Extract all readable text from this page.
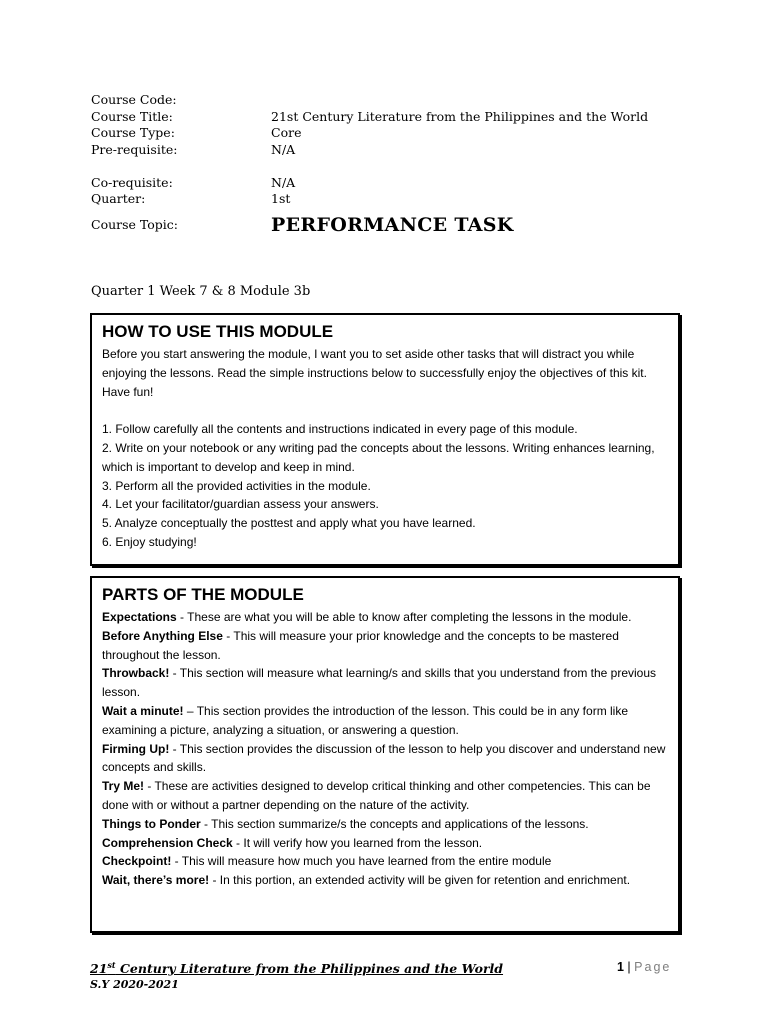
Course Code:
Course Title:	21st Century Literature from the Philippines and the World
Course Type:	Core
Pre-requisite:	N/A
Co-requisite:	N/A
Quarter:	1st
Course Topic:	PERFORMANCE TASK
Quarter 1 Week 7 & 8 Module 3b
HOW TO USE THIS MODULE

Before you start answering the module, I want you to set aside other tasks that will distract you while enjoying the lessons. Read the simple instructions below to successfully enjoy the objectives of this kit. Have fun!

1. Follow carefully all the contents and instructions indicated in every page of this module.

2. Write on your notebook or any writing pad the concepts about the lessons. Writing enhances learning, which is important to develop and keep in mind.

3. Perform all the provided activities in the module.

4. Let your facilitator/guardian assess your answers.

5. Analyze conceptually the posttest and apply what you have learned.

6. Enjoy studying!

PARTS OF THE MODULE

Expectations - These are what you will be able to know after completing the lessons in the module.

Before Anything Else - This will measure your prior knowledge and the concepts to be mastered throughout the lesson.

Throwback! - This section will measure what learning/s and skills that you understand from the previous lesson.

Wait a minute! – This section provides the introduction of the lesson. This could be in any form like examining a picture, analyzing a situation, or answering a question.

Firming Up! - This section provides the discussion of the lesson to help you discover and understand new concepts and skills.

Try Me! - These are activities designed to develop critical thinking and other competencies. This can be done with or without a partner depending on the nature of the activity.

Things to Ponder - This section summarize/s the concepts and applications of the lessons.

Comprehension Check - It will verify how you learned from the lesson.

Checkpoint! - This will measure how much you have learned from the entire module

Wait, there’s more! - In this portion, an extended activity will be given for retention and enrichment.

21st Century Literature from the Philippines and the World
S.Y 2020-2021
1 | Page
